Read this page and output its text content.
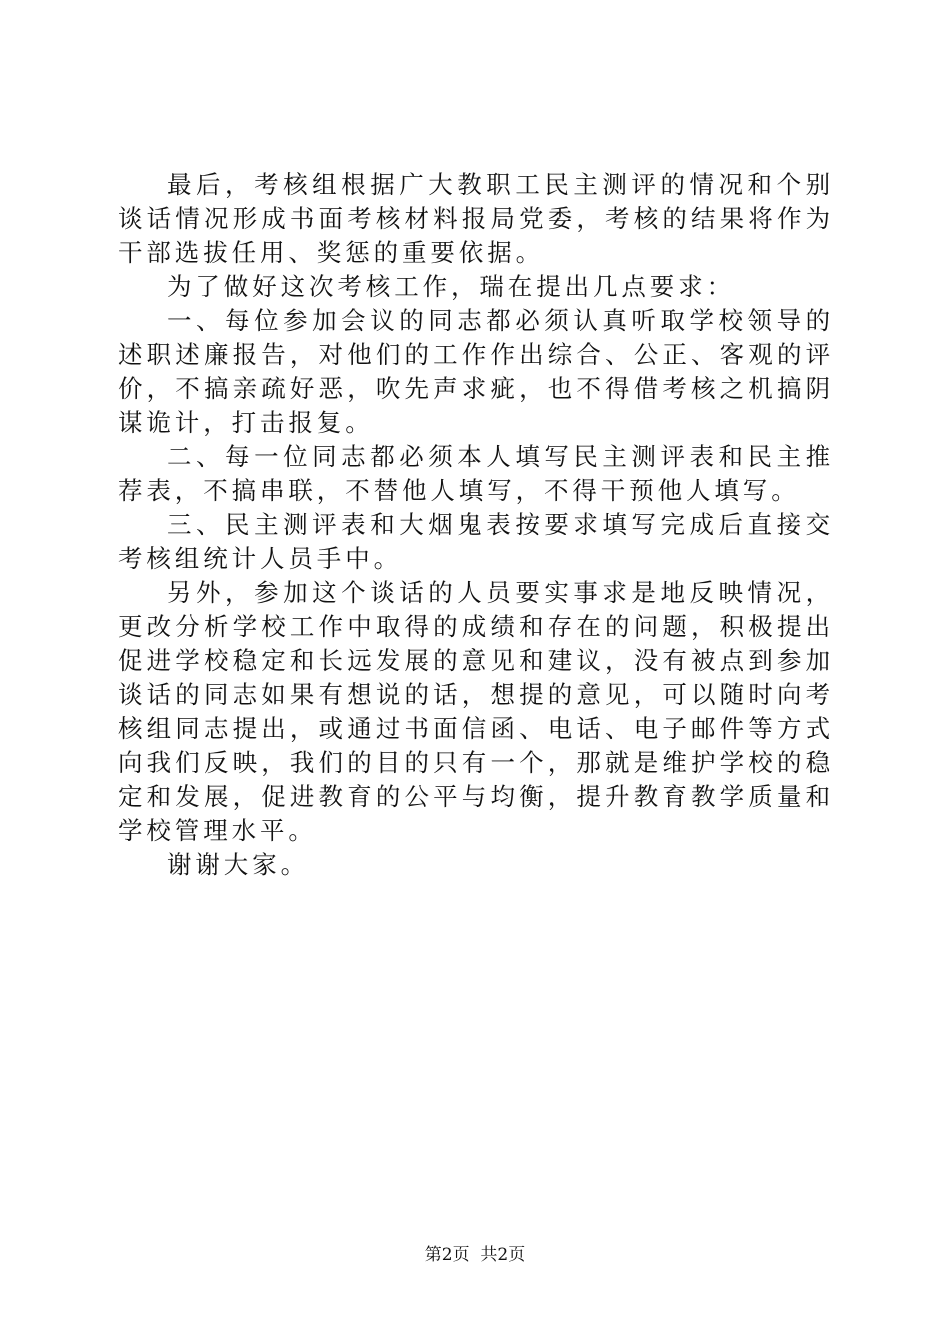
最后，考核组根据广大教职工民主测评的情况和个别谈话情况形成书面考核材料报局党委，考核的结果将作为干部选拔任用、奖惩的重要依据。

为了做好这次考核工作，瑞在提出几点要求：

一、每位参加会议的同志都必须认真听取学校领导的述职述廉报告，对他们的工作作出综合、公正、客观的评价，不搞亲疏好恶，吹先声求疵，也不得借考核之机搞阴谋诡计，打击报复。

二、每一位同志都必须本人填写民主测评表和民主推荐表，不搞串联，不替他人填写，不得干预他人填写。

三、民主测评表和大烟鬼表按要求填写完成后直接交考核组统计人员手中。

另外，参加这个谈话的人员要实事求是地反映情况，更改分析学校工作中取得的成绩和存在的问题，积极提出促进学校稳定和长远发展的意见和建议，没有被点到参加谈话的同志如果有想说的话，想提的意见，可以随时向考核组同志提出，或通过书面信函、电话、电子邮件等方式向我们反映，我们的目的只有一个，那就是维护学校的稳定和发展，促进教育的公平与均衡，提升教育教学质量和学校管理水平。

谢谢大家。

第2页  共2页
